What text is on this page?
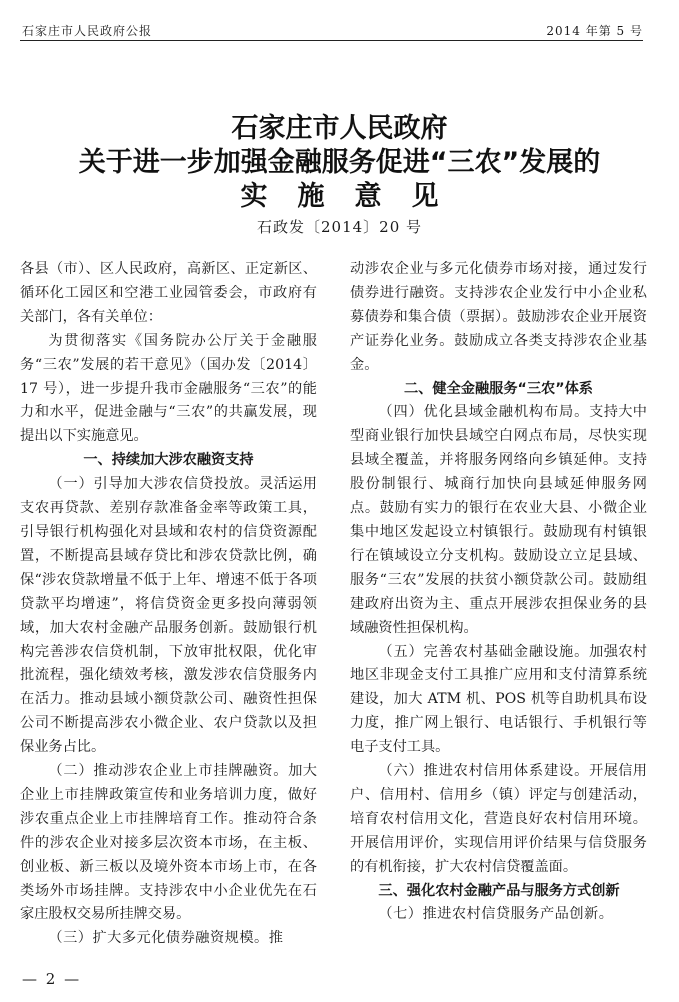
石家庄市人民政府公报	2014 年第 5 号
石家庄市人民政府
关于进一步加强金融服务促进“三农”发展的
实施意见
石政发〔2014〕20 号

各县（市）、区人民政府，高新区、正定新区、循环化工园区和空港工业园管委会，市政府有关部门，各有关单位：

为贯彻落实《国务院办公厅关于金融服务“三农”发展的若干意见》（国办发〔2014〕17 号），进一步提升我市金融服务“三农”的能力和水平，促进金融与“三农”的共赢发展，现提出以下实施意见。

一、持续加大涉农融资支持

（一）引导加大涉农信贷投放。灵活运用支农再贷款、差别存款准备金率等政策工具，引导银行机构强化对县域和农村的信贷资源配置，不断提高县域存贷比和涉农贷款比例，确保“涉农贷款增量不低于上年、增速不低于各项贷款平均增速”，将信贷资金更多投向薄弱领域，加大农村金融产品服务创新。鼓励银行机构完善涉农信贷机制，下放审批权限，优化审批流程，强化绩效考核，激发涉农信贷服务内在活力。推动县域小额贷款公司、融资性担保公司不断提高涉农小微企业、农户贷款以及担保业务占比。

（二）推动涉农企业上市挂牌融资。加大企业上市挂牌政策宣传和业务培训力度，做好涉农重点企业上市挂牌培育工作。推动符合条件的涉农企业对接多层次资本市场，在主板、创业板、新三板以及境外资本市场上市，在各类场外市场挂牌。支持涉农中小企业优先在石家庄股权交易所挂牌交易。

（三）扩大多元化债券融资规模。推

动涉农企业与多元化债券市场对接，通过发行债券进行融资。支持涉农企业发行中小企业私募债券和集合债（票据）。鼓励涉农企业开展资产证券化业务。鼓励成立各类支持涉农企业基金。

二、健全金融服务“三农”体系

（四）优化县域金融机构布局。支持大中型商业银行加快县域空白网点布局，尽快实现县域全覆盖，并将服务网络向乡镇延伸。支持股份制银行、城商行加快向县域延伸服务网点。鼓励有实力的银行在农业大县、小微企业集中地区发起设立村镇银行。鼓励现有村镇银行在镇域设立分支机构。鼓励设立立足县域、服务“三农”发展的扶贫小额贷款公司。鼓励组建政府出资为主、重点开展涉农担保业务的县域融资性担保机构。

（五）完善农村基础金融设施。加强农村地区非现金支付工具推广应用和支付清算系统建设，加大 ATM 机、POS 机等自助机具布设力度，推广网上银行、电话银行、手机银行等电子支付工具。

（六）推进农村信用体系建设。开展信用户、信用村、信用乡（镇）评定与创建活动，培育农村信用文化，营造良好农村信用环境。开展信用评价，实现信用评价结果与信贷服务的有机衔接，扩大农村信贷覆盖面。

三、强化农村金融产品与服务方式创新

（七）推进农村信贷服务产品创新。

— 2 —
